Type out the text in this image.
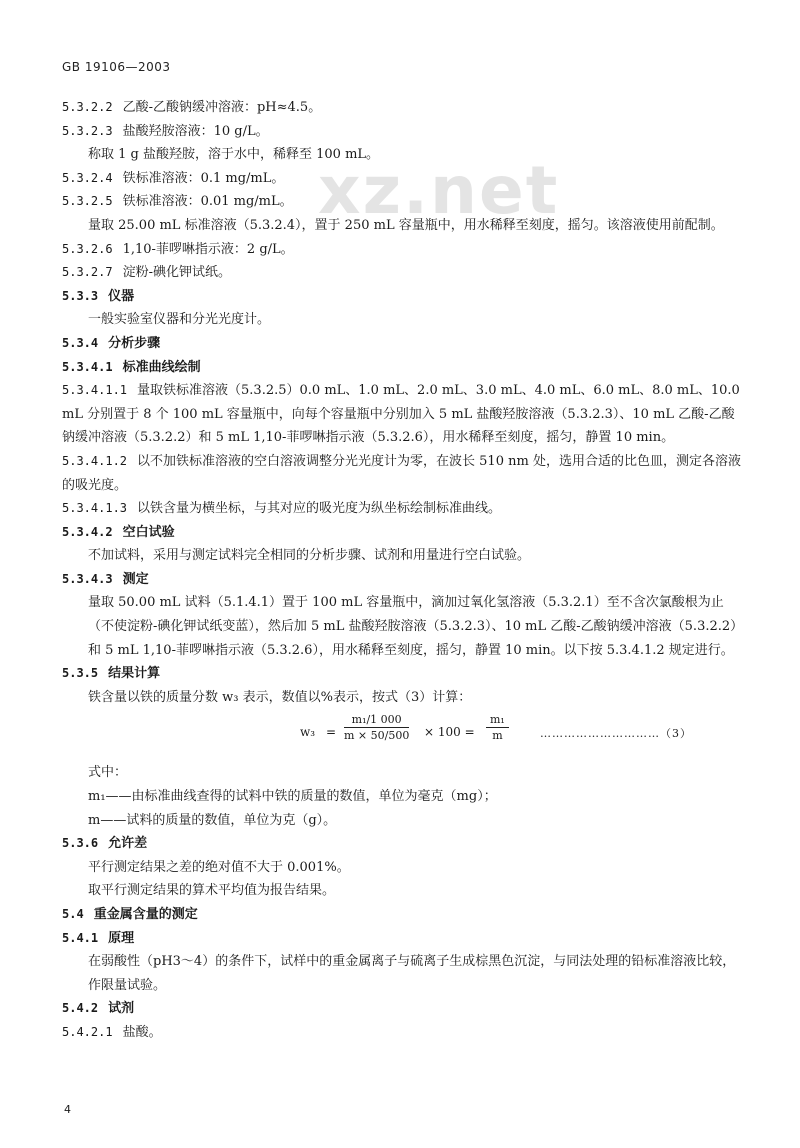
GB 19106—2003
xz.net
5.3.2.2 乙酸-乙酸钠缓冲溶液：pH≈4.5。
5.3.2.3 盐酸羟胺溶液：10 g/L。
称取 1 g 盐酸羟胺，溶于水中，稀释至 100 mL。
5.3.2.4 铁标准溶液：0.1 mg/mL。
5.3.2.5 铁标准溶液：0.01 mg/mL。
量取 25.00 mL 标准溶液（5.3.2.4），置于 250 mL 容量瓶中，用水稀释至刻度，摇匀。该溶液使用前配制。
5.3.2.6 1,10-菲啰啉指示液：2 g/L。
5.3.2.7 淀粉-碘化钾试纸。
5.3.3 仪器
一般实验室仪器和分光光度计。
5.3.4 分析步骤
5.3.4.1 标准曲线绘制
5.3.4.1.1 量取铁标准溶液（5.3.2.5）0.0 mL、1.0 mL、2.0 mL、3.0 mL、4.0 mL、6.0 mL、8.0 mL、10.0 mL 分别置于 8 个 100 mL 容量瓶中，向每个容量瓶中分别加入 5 mL 盐酸羟胺溶液（5.3.2.3）、10 mL 乙酸-乙酸钠缓冲溶液（5.3.2.2）和 5 mL 1,10-菲啰啉指示液（5.3.2.6），用水稀释至刻度，摇匀，静置 10 min。
5.3.4.1.2 以不加铁标准溶液的空白溶液调整分光光度计为零，在波长 510 nm 处，选用合适的比色皿，测定各溶液的吸光度。
5.3.4.1.3 以铁含量为横坐标，与其对应的吸光度为纵坐标绘制标准曲线。
5.3.4.2 空白试验
不加试料，采用与测定试料完全相同的分析步骤、试剂和用量进行空白试验。
5.3.4.3 测定
量取 50.00 mL 试料（5.1.4.1）置于 100 mL 容量瓶中，滴加过氧化氢溶液（5.3.2.1）至不含次氯酸根为止（不使淀粉-碘化钾试纸变蓝），然后加 5 mL 盐酸羟胺溶液（5.3.2.3）、10 mL 乙酸-乙酸钠缓冲溶液（5.3.2.2）和 5 mL 1,10-菲啰啉指示液（5.3.2.6），用水稀释至刻度，摇匀，静置 10 min。以下按 5.3.4.1.2 规定进行。
5.3.5 结果计算
铁含量以铁的质量分数 w₃ 表示，数值以%表示，按式（3）计算：
$w_3 = \frac{\text{m₁/1 000}}{m \times 50/500} \times 100 = \frac{\text{m₁}}{m}$	…………………………（3）
式中：
m₁——由标准曲线查得的试料中铁的质量的数值，单位为毫克（mg）；
m——试料的质量的数值，单位为克（g）。
5.3.6 允许差
平行测定结果之差的绝对值不大于 0.001%。
取平行测定结果的算术平均值为报告结果。
5.4 重金属含量的测定
5.4.1 原理
在弱酸性（pH3～4）的条件下，试样中的重金属离子与硫离子生成棕黑色沉淀，与同法处理的铅标准溶液比较，作限量试验。
5.4.2 试剂
5.4.2.1 盐酸。
4
